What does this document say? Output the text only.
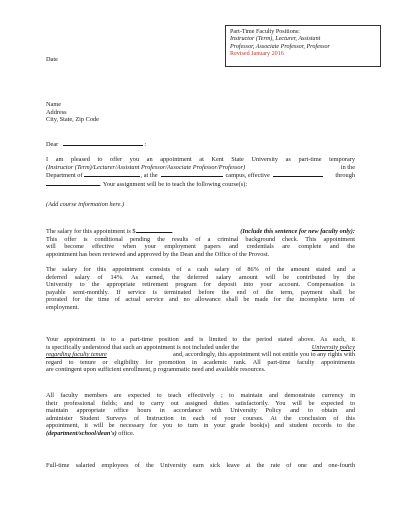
Part-Time Faculty Positions:
Instructor (Term), Lecturer, Assistant
Professor, Associate Professor, Professor
Revised January 2016
Date
Name
Address
City, State, Zip Code
Dear	:
I am pleased to offer you an appointment at Kent State University as part-time temporary
(Instructor (Term)/Lecturer/Assistant Professor/Associate Professor/Professor)	in the
Department of	, at the	campus, effective	through
. Your assignment will be to teach the following course(s):
(Add course information here.)
The salary for this appointment is $	.	(Include this sentence for new faculty only):
This offer is conditional pending the results of a criminal background check. This appointment
will become effective when your employment papers and credentials are complete and the
appointment has been reviewed and approved by the Dean and the Office of the Provost.
The salary for this appointment consists of a cash salary of 86% of the amount stated and a
deferred salary of 14%. As earned, the deferred salary amount will be contributed by the
University to the appropriate retirement program for deposit into your account. Compensation is
payable semi-monthly. If service is terminated before the end of the term, payment shall be
prorated for the time of actual service and no allowance shall be made for the incomplete term of
employment.
Your appointment is to a part-time position and is limited to the period stated above. As such, it
is specifically understood that such an appointment is not included under the	University policy
regarding faculty tenure	and, accordingly, this appointment will not entitle you to any rights with
regard to tenure or eligibility for promotion in academic rank. All part-time faculty appointments
are contingent upon sufficient enrollment, p rogrammatic need and available resources.
All faculty members are expected to teach effectively ; to maintain and demonstrate currency in
their professional fields; and to carry out assigned duties satisfactorily. You will be expected to
maintain appropriate office hours in accordance with University Policy and to obtain and
administer Student Surveys of Instruction in each of your courses. At the conclusion of this
appointment, it will be necessary for you to turn in your grade book(s) and student records to the
(department/school/dean's) office.
Full-time salaried employees of the University earn sick leave at the rate of one and one-fourth
